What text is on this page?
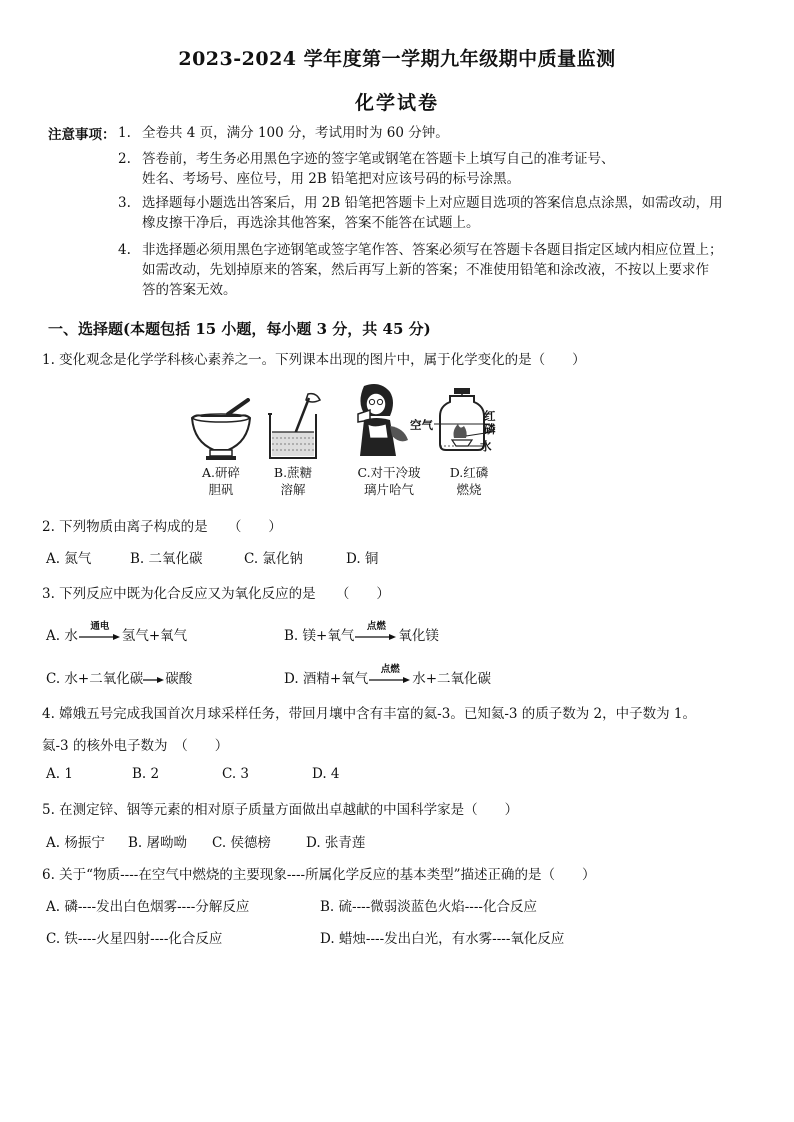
2023-2024 学年度第一学期九年级期中质量监测
化学试卷
注意事项： 1. 全卷共 4 页，满分 100 分，考试用时为 60 分钟。
2. 答卷前，考生务必用黑色字迹的签字笔或钢笔在答题卡上填写自己的准考证号、
姓名、考场号、座位号，用 2B 铅笔把对应该号码的标号涂黑。
3. 选择题每小题选出答案后，用 2B 铅笔把答题卡上对应题目选项的答案信息点涂黑，如需改动，用
橡皮擦干净后，再选涂其他答案，答案不能答在试题上。
4. 非选择题必须用黑色字迹钢笔或签字笔作答、答案必须写在答题卡各题目指定区域内相应位置上；
如需改动，先划掉原来的答案，然后再写上新的答案；不准使用铅笔和涂改液，不按以上要求作
答的答案无效。
一、选择题(本题包括 15 小题，每小题 3 分，共 45 分)
1. 变化观念是化学学科核心素养之一。下列课本出现的图片中，属于化学变化的是（　　）
空气
红
磷
水
A.研碎
胆矾
B.蔗糖
溶解
C.对干冷玻
璃片哈气
D.红磷
燃烧
2. 下列物质由离子构成的是　　（　　）
A. 氮气	B. 二氧化碳	C. 氯化钠	D. 铜
3. 下列反应中既为化合反应又为氧化反应的是　　（　　）
A. 水
通电
氢气+氧气	B. 镁+氧气
点燃
氧化镁
C. 水+二氧化碳→碳酸	D. 酒精+氧气
点燃
水+二氧化碳
4. 嫦娥五号完成我国首次月球采样任务，带回月壤中含有丰富的氦-3。已知氦-3 的质子数为 2，中子数为 1。
氦-3 的核外电子数为　（　　）
A. 1	B. 2	C. 3	D. 4
5. 在测定锌、铟等元素的相对原子质量方面做出卓越献的中国科学家是（　　）
A. 杨振宁 B. 屠呦呦 C. 侯德榜	D. 张青莲
6. 关于“物质----在空气中燃烧的主要现象----所属化学反应的基本类型”描述正确的是（　　）
A. 磷----发出白色烟雾----分解反应	B. 硫----微弱淡蓝色火焰----化合反应
C. 铁----火星四射----化合反应	D. 蜡烛----发出白光，有水雾----氧化反应
